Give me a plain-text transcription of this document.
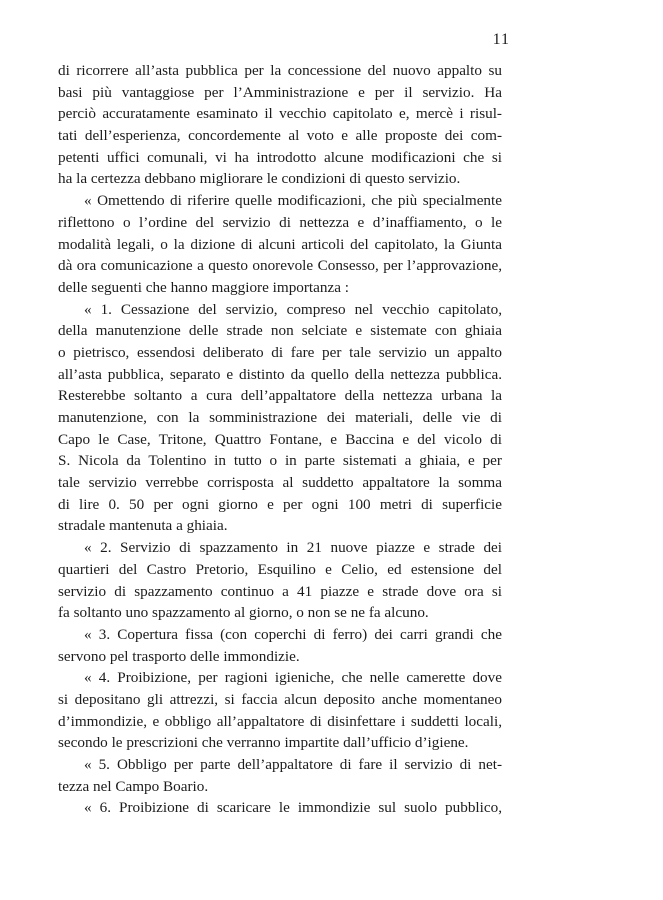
11
di ricorrere all’asta pubblica per la concessione del nuovo appalto su
basi più vantaggiose per l’Amministrazione e per il servizio. Ha
perciò accuratamente esaminato il vecchio capitolato e, mercè i risul-
tati dell’esperienza, concordemente al voto e alle proposte dei com-
petenti uffici comunali, vi ha introdotto alcune modificazioni che si
ha la certezza debbano migliorare le condizioni di questo servizio.
« Omettendo di riferire quelle modificazioni, che più specialmente
riflettono o l’ordine del servizio di nettezza e d’inaffiamento, o le
modalità legali, o la dizione di alcuni articoli del capitolato, la Giunta
dà ora comunicazione a questo onorevole Consesso, per l’approvazione,
delle seguenti che hanno maggiore importanza :
« 1. Cessazione del servizio, compreso nel vecchio capitolato,
della manutenzione delle strade non selciate e sistemate con ghiaia
o pietrisco, essendosi deliberato di fare per tale servizio un appalto
all’asta pubblica, separato e distinto da quello della nettezza pubblica.
Resterebbe soltanto a cura dell’appaltatore della nettezza urbana la
manutenzione, con la somministrazione dei materiali, delle vie di
Capo le Case, Tritone, Quattro Fontane, e Baccina e del vicolo di
S. Nicola da Tolentino in tutto o in parte sistemati a ghiaia, e per
tale servizio verrebbe corrisposta al suddetto appaltatore la somma
di lire 0. 50 per ogni giorno e per ogni 100 metri di superficie
stradale mantenuta a ghiaia.
« 2. Servizio di spazzamento in 21 nuove piazze e strade dei
quartieri del Castro Pretorio, Esquilino e Celio, ed estensione del
servizio di spazzamento continuo a 41 piazze e strade dove ora si
fa soltanto uno spazzamento al giorno, o non se ne fa alcuno.
« 3. Copertura fissa (con coperchi di ferro) dei carri grandi che
servono pel trasporto delle immondizie.
« 4. Proibizione, per ragioni igieniche, che nelle camerette dove
si depositano gli attrezzi, si faccia alcun deposito anche momentaneo
d’immondizie, e obbligo all’appaltatore di disinfettare i suddetti locali,
secondo le prescrizioni che verranno impartite dall’ufficio d’igiene.
« 5. Obbligo per parte dell’appaltatore di fare il servizio di net-
tezza nel Campo Boario.
« 6. Proibizione di scaricare le immondizie sul suolo pubblico,
